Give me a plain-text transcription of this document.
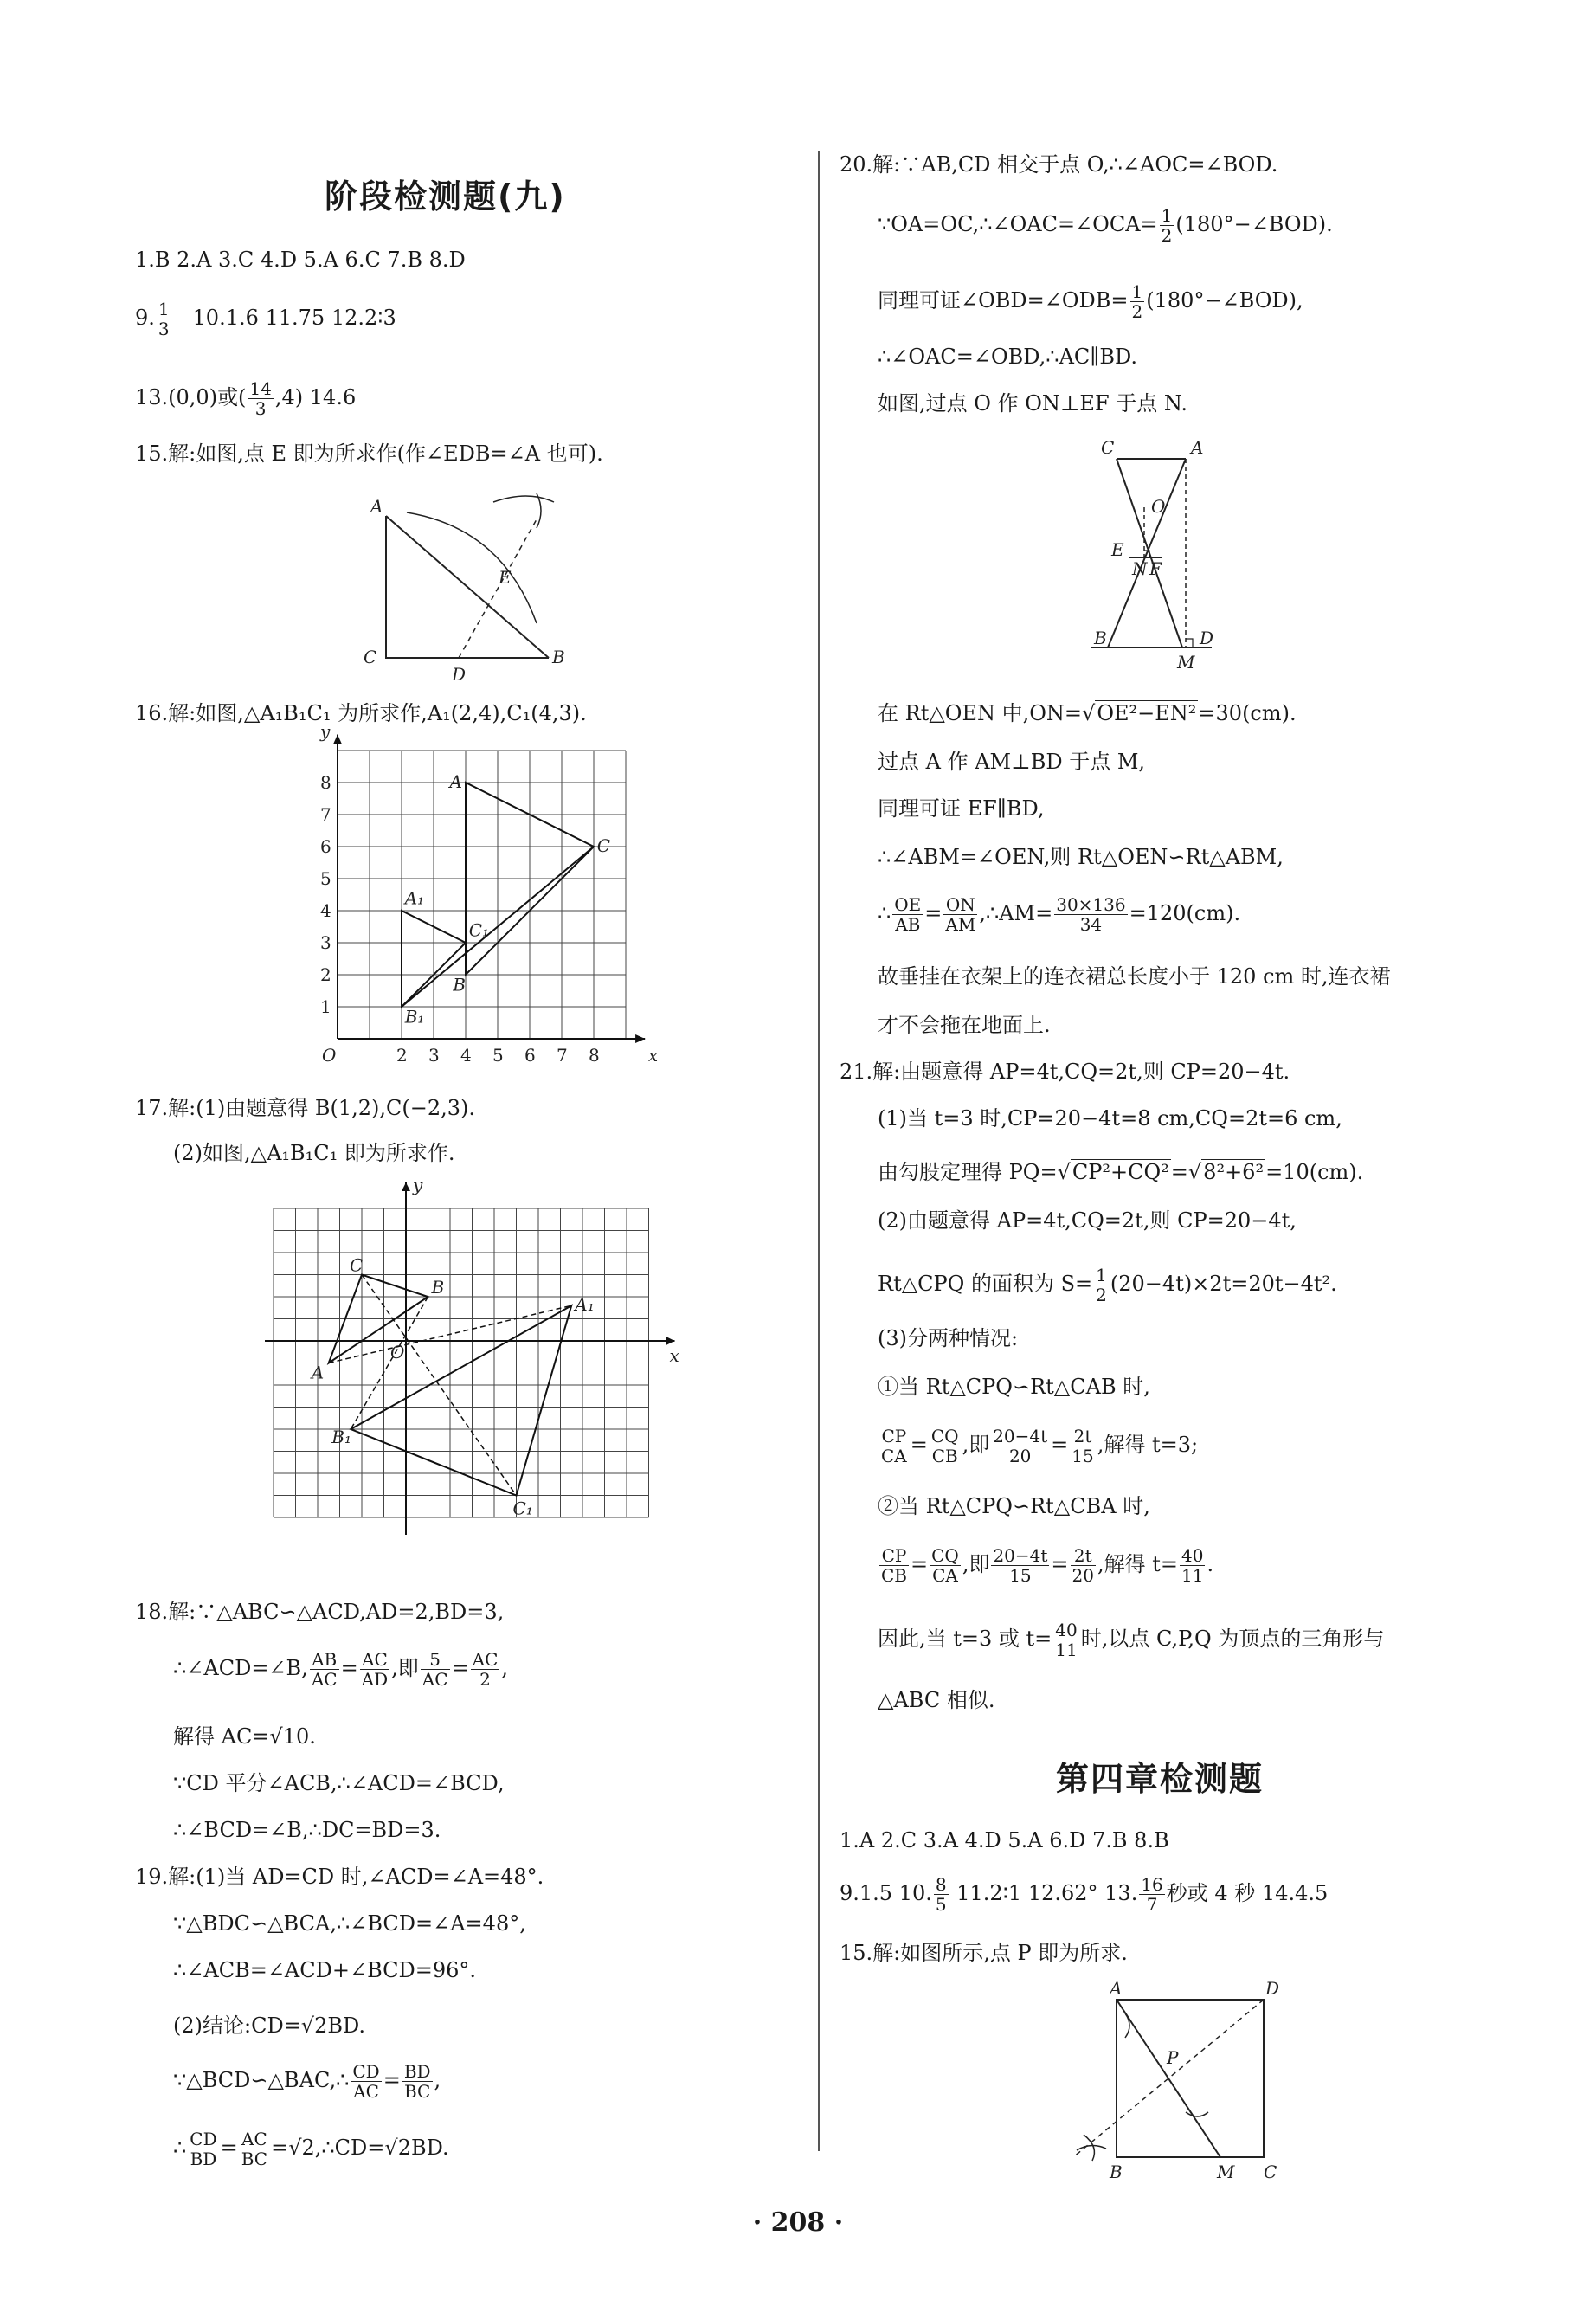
阶段检测题(九)
1.B 2.A 3.C 4.D 5.A 6.C 7.B 8.D
9. $\frac{1}{3} 10.1.6$ 11.75 12.2∶3
13.(0,0)或( $\frac{14}{3} ,4$) 14.6
15.解:如图,点 E 即为所求作(作∠EDB=∠A 也可).
A
E
C
D
B
16.解:如图,△A₁B₁C₁ 为所求作,A₁(2,4),C₁(4,3).
1
2
3
4
5
6
7
8
2 3 4 5 6 7 8
O	x
y
A
C
A₁
C₁
B
B₁
17.解:(1)由题意得 B(1,2),C(−2,3).
(2)如图,△A₁B₁C₁ 即为所求作.
x
y
C
B
A₁
A
O
B₁
C₁
18.解:∵△ABC∽△ACD,AD=2,BD=3,
∴∠ACD=∠B, $\frac{AB}{AC} = \frac{AC}{AD}$ ,即 $\frac{5}{AC} = \frac{AC}{2}$ ,
解得 AC=√10.
∵CD 平分∠ACB,∴∠ACD=∠BCD,
∴∠BCD=∠B,∴DC=BD=3.
19.解:(1)当 AD=CD 时,∠ACD=∠A=48°.
∵△BDC∽△BCA,∴∠BCD=∠A=48°,
∴∠ACB=∠ACD+∠BCD=96°.
(2)结论:CD=√2BD.
∵△BCD∽△BAC,∴ $\frac{CD}{AC} = \frac{BD}{BC}$ ,
∴ $\frac{CD}{BD} = \frac{AC}{BC}$ =√2,∴CD=√2BD.
20.解:∵AB,CD 相交于点 O,∴∠AOC=∠BOD.
∵OA=OC,∴∠OAC=∠OCA= $\frac{1}{2}$ (180°−∠BOD).
同理可证∠OBD=∠ODB= $\frac{1}{2}$ (180°−∠BOD),
∴∠OAC=∠OBD,∴AC∥BD.
如图,过点 O 作 ON⊥EF 于点 N.
C	A
O
E
N F
B
M
D
在 Rt△OEN 中,ON=√OE²−EN²=30(cm).
过点 A 作 AM⊥BD 于点 M,
同理可证 EF∥BD,
∴∠ABM=∠OEN,则 Rt△OEN∽Rt△ABM,
∴ $\frac{OE}{AB} = \frac{ON}{AM}$ ,∴AM= $\frac{30\times 136}{34} =120(cm)$.
故垂挂在衣架上的连衣裙总长度小于 120 cm 时,连衣裙
才不会拖在地面上.
21.解:由题意得 AP=4t,CQ=2t,则 CP=20−4t.
(1)当 t=3 时,CP=20−4t=8 cm,CQ=2t=6 cm,
由勾股定理得 PQ=√CP²+CQ²=√8²+6²=10(cm).
(2)由题意得 AP=4t,CQ=2t,则 CP=20−4t,
Rt△CPQ 的面积为 $S= \frac{1}{2} (20-4t)\times 2t=20t-4t^2$.
(3)分两种情况:
①当 Rt△CPQ∽Rt△CAB 时,
$\frac{CP}{CA} = \frac{CQ}{CB}$ ,即 $\frac{20-4t}{20} = \frac{2t}{15}$ ,解得 t=3;
②当 Rt△CPQ∽Rt△CBA 时,
$\frac{CP}{CB} = \frac{CQ}{CA}$ ,即 $\frac{20-4t}{15} = \frac{2t}{20}$ ,解得 $t= \frac{40}{11}$ .
因此,当 t=3 或 $t= \frac{40}{11}$ 时,以点 C,P,Q 为顶点的三角形与
△ABC 相似.
第四章检测题
1.A 2.C 3.A 4.D 5.A 6.D 7.B 8.B
9.1.5 10. $\frac{8}{5}$ 11.2∶1 12.62° 13. $\frac{16}{7}$ 秒或 4 秒 14.4.5
15.解:如图所示,点 P 即为所求.
A	D
P
B	M C
· 208 ·
